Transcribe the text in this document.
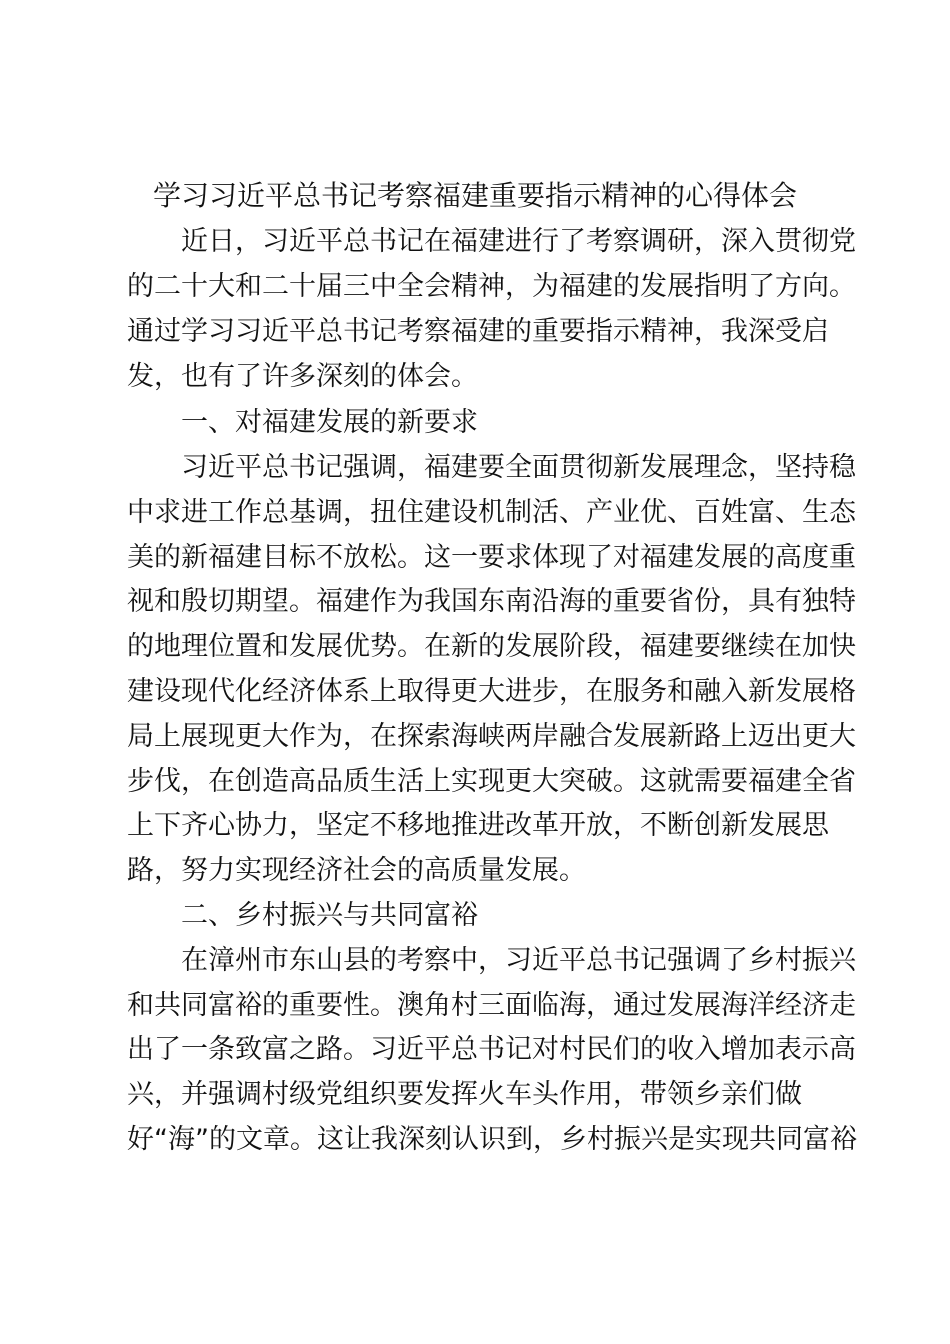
学习习近平总书记考察福建重要指示精神的心得体会

近日，习近平总书记在福建进行了考察调研，深入贯彻党

的二十大和二十届三中全会精神，为福建的发展指明了方向。

通过学习习近平总书记考察福建的重要指示精神，我深受启

发，也有了许多深刻的体会。

一、对福建发展的新要求

习近平总书记强调，福建要全面贯彻新发展理念，坚持稳

中求进工作总基调，扭住建设机制活、产业优、百姓富、生态

美的新福建目标不放松。这一要求体现了对福建发展的高度重

视和殷切期望。福建作为我国东南沿海的重要省份，具有独特

的地理位置和发展优势。在新的发展阶段，福建要继续在加快

建设现代化经济体系上取得更大进步，在服务和融入新发展格

局上展现更大作为，在探索海峡两岸融合发展新路上迈出更大

步伐，在创造高品质生活上实现更大突破。这就需要福建全省

上下齐心协力，坚定不移地推进改革开放，不断创新发展思

路，努力实现经济社会的高质量发展。

二、乡村振兴与共同富裕

在漳州市东山县的考察中，习近平总书记强调了乡村振兴

和共同富裕的重要性。澳角村三面临海，通过发展海洋经济走

出了一条致富之路。习近平总书记对村民们的收入增加表示高

兴，并强调村级党组织要发挥火车头作用，带领乡亲们做

好“海”的文章。这让我深刻认识到，乡村振兴是实现共同富裕
